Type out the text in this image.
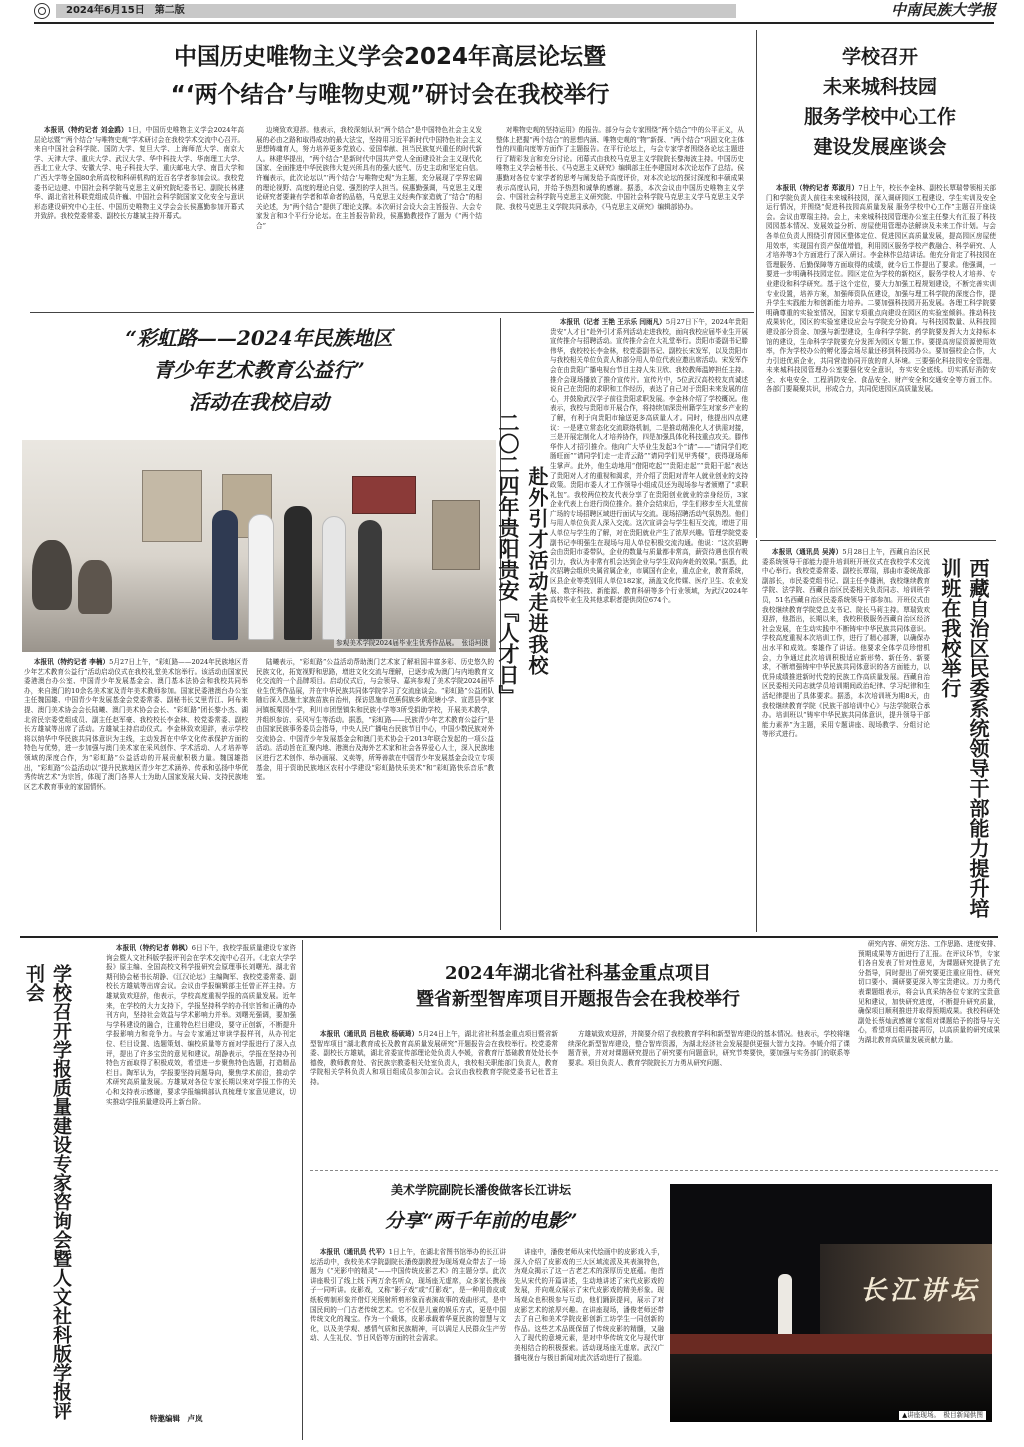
2024年6月15日　第二版	中南民族大学报
中国历史唯物主义学会2024年高层论坛暨
“‘两个结合’与唯物史观”研讨会在我校举行
本报讯（特约记者 刘金鸥）1日，中国历史唯物主义学会2024年高层论坛暨“‘两个结合’与唯物史观”学术研讨会在我校学术交流中心召开。来自中国社会科学院、国防大学、复旦大学、上海师范大学、南京大学、天津大学、重庆大学、武汉大学、华中科技大学、华南理工大学、西北工业大学、安徽大学、电子科技大学、重庆邮电大学、南昌大学和广西大学等全国80余所高校和科研机构的近百名学者参加会议。我校党委书记边建、中国社会科学院马克思主义研究院纪委书记、副院长林建华、湖北省社科联党组成员许巍、中国社会科学院国家文化安全与意识形态建设研究中心主任、中国历史唯物主义学会会长侯惠勤参加开幕式并致辞。我校党委常委、副校长方雄斌主持开幕式。
边境致欢迎辞。他表示，我校深刻认识“两个结合”是中国特色社会主义发展的必由之路和取得成功的最大法宝，坚持用习近平新时代中国特色社会主义思想铸魂育人，努力培养更多党放心、爱国奉献、担当民族复兴重任的时代新人。林建华提出，“两个结合”是新时代中国共产党人全面建设社会主义现代化国家、全面推进中华民族伟大复兴所具有的强大底气、历史主动和坚定自信。许巍表示，此次论坛以“‘两个结合’与唯物史观”为主题，充分展现了学界宏阔的理论视野、高度的理论自觉、强烈的学人担当。侯惠勤强调，马克思主义理论研究者要兼有学者和革命者的品格，马克思主义经典作家造就了“结合”的相关论述，为“两个结合”提供了理论支撑。本次研讨会设大会主旨报告、大会专家发言和3个平行分论坛。在主旨报告阶段，侯惠勤教授作了题为《“两个结合”
对唯物史观的坚持运用》的报告。部分与会专家围绕“两个结合”中的公平正义，从整体上把握“两个结合”的思想内涵、唯物史观的“物”新探、“两个结合”巩固文化主体性的四重向度等方面作了主题报告。在平行论坛上，与会专家学者围绕各论坛主题进行了精彩发言和充分讨论。闭幕式由我校马克思主义学院院长黎海波主持。中国历史唯物主义学会秘书长、《马克思主义研究》编辑部主任李建国对本次论坛作了总结。侯惠勤对各位专家学者的思考与阐发给予高度评价，对本次论坛的探讨深度和丰硕成果表示高度认同，并给予热烈和诚挚的感谢。据悉，本次会议由中国历史唯物主义学会、中国社会科学院马克思主义研究院、中国社会科学院马克思主义学马克思主义学院、我校马克思主义学院共同承办，《马克思主义研究》编辑部协办。
学校召开
未来城科技园
服务学校中心工作
建设发展座谈会
本报讯（特约记者 郑淑月）7日上午，校长李金林、副校长覃瑞带领相关部门和学院负责人前往未来城科技园，深入调研园区工程建设、学生实训及安全运行情况，并围绕“促进科技园高质量发展 服务学校中心工作”主题召开座谈会。会议由覃瑞主持。会上，未来城科技园管理办公室主任黎大有汇报了科技园园基本情况、发展效益分析、房屋使用管理办法解读及未来工作计划。与会各单位负责人围绕引育园区整体定位、促进园区高质量发展，提高园区房屋使用效率，实现国有资产保值增值，利用园区服务学校产教融合、科学研究、人才培养等3个方面进行了深入研讨。李金林作总结讲话。他充分肯定了科技园在管理服务、后勤保障等方面取得的成绩，就今后工作提出了要求。他强调，一要进一步明确科技园定位。园区定位为学校的新校区，服务学校人才培养、专业建设和科学研究。基于这个定位，要大力加强工程规划建设，不断完善实训专业设置，培养方案，加强师资队伍建设，加强与理工科学院的深度合作，提升学生实践能力和创新能力培养。二要加强科技园开拓发展。各理工科学院要明确尊重的实验室情况，国家专项重点向建设在园区的实验室倾斜。推动科技成果转化，园区的实验室建设应会与学院充分协商。与科技园数量、从科技园建设部分资金、加强与新型建设，生命科学学院、药学院要发挥大力支持标本馆的建设，生命科学学院要充分发挥为园区专题工作。要提高房屋资源使用效率，作为学校办公的孵化器会场尽量还移到科技园办公。要加强校企合作，大力引进优质企业，共同营造协同开放的育人环境。三要强化科技园安全管理。未来城科技园管理办公室要强化安全意识，夯实安全底线。切实抓好消防安全、水电安全、工程消防安全、食品安全、财产安全和交通安全等方面工作。各部门要凝聚共识，形成合力，共同促进园区高质量发展。
“彩虹路——2024年民族地区
青少年艺术教育公益行”
活动在我校启动
参观美术学院2024届毕业生优秀作品展。　张语珂摄
本报讯（特约记者 李楠）5月27日上午，“彩虹路——2024年民族地区青少年艺术教育公益行”活动启动仪式在我校礼堂美术馆举行。该活动由国家民委港澳台办公室、中国青少年发展基金会、澳门基本法协会和我校共同举办，来自澳门的10余名美术家及青年美术教师参加。国家民委港澳台办公室主任魏国雄、中国青少年发展基金会党委常委、副秘书长艾里青江、阿布来提、澳门美术协会会长陆曦、澳门美术协会会长、“彩虹路”团长黎小杰、湖北省民宗委党组成员、副主任赵军豪、我校校长李金林、校党委常委、副校长方雄斌等出席了活动。方雄斌主持启动仪式。李金林致欢迎辞，表示学校将以纳华中华民族共同体意识为主线，主动发挥在中华文化传承保护方面的特色与优势，进一步加强与澳门美术家在采风创作、学术活动、人才培养等领域的深度合作，为“彩虹路”公益活动的开展贡献积极力量。魏国雄指出，“彩虹路”公益活动以“提升民族地区青少年艺术涵养、传承和弘扬中华优秀传统艺术”为宗旨，体现了澳门各界人士为助人国家发展大局、支持民族地区艺术教育事业的家国情怀。
陆曦表示，“彩虹路”公益活动帮助澳门艺术家了解祖国丰富多彩、历史悠久的民族文化，拓宽视野和思路，增进文化交流与理解，已逐步成为澳门与内地教育文化交流的一个品牌项目。启动仪式后，与会领导、嘉宾参观了美术学院2024届毕业生优秀作品展，并在中华民族共同体学院学习了交流座谈会。“彩虹路”公益团队随后深入恩施土家族苗族自治州，探访恩施市芭蕉侗族乡黄泥塘小学、宣恩县李家河镇板栗园小学，利川市团堡镇朱和民族小学等3所受捐助学校，开展美术教学，并组织参访、采风写生等活动。据悉，“彩虹路——民族青少年艺术教育公益行”是由国家民族事务委员会指导，中央人民广播电台民族节目中心，中国少数民族对外交流协会、中国青少年发展基金会和澳门美术协会于2013年联合发起的一项公益活动。活动旨在汇聚内地、港澳台及海外艺术家和社会各界爱心人士，深入民族地区进行艺术创作、举办画展、义卖等，所筹善款在中国青少年发展基金会设立专项基金，用于资助民族地区农村小学建设“彩虹路快乐美术”和“彩虹路快乐音乐”教室。
赴外引才活动走进我校
二〇二四年贵阳贵安『人才日』
本报讯（记者 王艳 王示乐 闫雨凡）5月27日下午，2024年贵阳贵安“人才日”赴外引才系列活动走进我校，面向我校应届毕业生开展宣传推介与招聘活动。宣传推介会在大礼堂举行。贵阳市委副书记滕伟华，我校校长李金林，校党委副书记、副校长宋发军，以及贵阳市与我校相关单位负责人和部分用人单位代表应邀出席活动。宋发军作会在由贵阳广播电视台节目主持人朱卫欣、我校教师温婷担任主持。推介会现场播放了推介宣传片。宣传片中，5位武汉高校校友真诚述说自己在贵阳的求职和工作经历，表达了自己对于贵阳未来发展的信心，并鼓励武汉学子前往贵阳求职发展。李金林介绍了学校概况。他表示，我校与贵阳市开展合作，将持续加深贵州籍学生对家乡产业的了解，有利于向贵阳市输送更多高质量人才。同时，他提出四点建议：一是建立常态化交流联络机制，二是推动精准化人才供需对接，三是开展定制化人才培养协作，四是加强具体化科技重点攻关。滕伟华作人才招引推介。他向广大毕业生发起3个“请”——“请同学们吃肠旺面”“请同学们走一走青云路”“请同学们见甲秀楼”，获得现场师生掌声。此外，他生动地用“借阳吃起”“贵阳走起”“贵阳干起”表达了贵阳对人才的重视和渴求，并介绍了贵阳对青年人就业创业的支持政策。贵阳市委人才工作领导小组成员还为现场参与者颁赠了“求职礼包”。我校两位校友代表分享了在贵阳创业就业的亲身经历，3家企业代表上台进行岗位推介。推介会结束后，学生们移步至大礼堂前广场的专场招聘区域进行面试与交流。现场招聘活动气氛热烈。他们与用人单位负责人深入交流。这次宣讲会与学生相互交流，增进了用人单位与学生的了解，对在贵阳就业产生了浓厚兴趣。管理学院党委副书记李明强生在现场与用人单位积极交流沟通。他说：“这次招聘会由贵阳市委带队，企业的数量与质量都非常高，薪资待遇也很有吸引力，我认为非常有机会达到企业与学生双向奔赴的效果。”据悉，此次招聘会组织央属省属企业，市属国有企业，重点企业，教育系统，区县企业等类别用人单位182家，涵盖文化传媒、医疗卫生、农业发展、数字科技、新能源、教育科研等多个行业领域，为武汉2024年高校毕业生及其他求职者提供岗位674个。
本报讯（通讯员 吴涛）5月28日上午，西藏自治区民委系统领导干部能力提升培训班开班仪式在我校学术交流中心举行。我校党委常委、副校长覃瑞，那曲市委统战部副部长，市民委党组书记、副主任李雄洲，我校继续教育学院、法学院、西藏自治区民委相关负责同志、培训班学员，51名西藏自治区民委系统领导干部参加。开班仪式由我校继续教育学院党总支书记、院长马莉主持。覃瑞致欢迎辞，他指出，长期以来，我校积极服务西藏自治区经济社会发展，在生动实践中不断铸牢中华民族共同体意识。学校高度重视本次培训工作，进行了精心部署，以确保办出水平和成效。秦雄作了讲话。他要求全体学员珍惜机会，力争通过此次培训积极适应新形势、新任务、新要求，不断增强铸牢中华民族共同体意识的各方面能力，以优异成绩推进新时代党的民族工作高质量发展。西藏自治区民委相关同志就学员培训期间政治纪律、学习纪律和生活纪律提出了具体要求。据悉，本次培训班为期8天，由我校继续教育学院《民族干部培训中心》与法学院联合承办。培训班以“铸牢中华民族共同体意识，提升领导干部能力素养”为主题，采用专题讲座、现场教学、分组讨论等形式进行。	西藏自治区民委系统领导干部能力提升培训班在我校举行
学校召开学报质量建设专家咨询会暨人文社科版学报评刊会
本报讯（特约记者 韩枫）6日下午，我校学报质量建设专家咨询会暨人文社科版学报评刊会在学术交流中心召开。《北京大学学报》原主编、全国高校文科学报研究会原理事长刘曙光、湖北省期刊协会秘书长胡静、《江汉论坛》主编陶军、我校党委常委、副校长方雄斌等出席会议。会议由学报编辑部主任曾正祥主持。方雄斌致欢迎辞，他表示，学校高度重视学报的高质量发展。近年来，在学校的大力支持下，学报坚持科学的办刊宗旨和正确的办刊方向，坚持社会效益与学术影响力并举。刘曙光强调，要加强与学科建设的融合，注重特色栏目建设，要守正创新，不断提升学报影响力和竞争力。与会专家通过审读学报样刊，从办刊定位、栏目设置、选题策划、编校质量等方面对学报进行了深入点评，提出了许多宝贵的意见和建议。胡静表示，学报在坚持办刊特色方面取得了积极成效，希望进一步聚焦特色选题，打造精品栏目。陶军认为，学报要坚持问题导向，聚焦学术前沿，推动学术研究高质量发展。方雄斌对各位专家长期以来对学报工作的关心和支持表示感谢，要求学报编辑部认真梳理专家意见建议，切实推动学报质量建设再上新台阶。
特邀编辑　卢岚
2024年湖北省社科基金重点项目
暨省新型智库项目开题报告会在我校举行
本报讯（通讯员 吕桂欣 杨硕琦）5月24日上午，湖北省社科基金重点项目暨省新型智库项目“湖北教育成长及教育高质量发展研究”开题报告会在我校举行。校党委常委、副校长方雄斌，湖北省委宣传部理论处负责人李媛，省教育厅基础教育处处长李德俊，教师教育处、省民族宗教委相关处室负责人，我校相关职能部门负责人，教育学院相关学科负责人和项目组成员参加会议。会议由我校教育学院党委书记杜晋主持。
方雄斌致欢迎辞，并简要介绍了我校教育学科和新型智库建设的基本情况。他表示，学校将继续深化新型智库建设，整合智库资源，为湖北经济社会发展提供更强大智力支持。李媛介绍了课题背景，并对对课题研究提出了研究要有问题意识，研究节奏要快，要加强与实务部门的联系等要求。项目负责人、教育学院院长万力勇从研究问题、
研究内容、研究方法、工作思路、进度安排、预期成果等方面进行了汇报。在评议环节，专家们各自发表了针对性意见，为课题研究提供了充分指导，同时提出了研究要更注重应用性、研究切口要小、调研要更深入等宝贵建议。万力勇代表课题组表示，将会认真采纳各位专家的宝贵意见和建议，加快研究进度，不断提升研究质量，确保项目顺利推进并取得预期成果。我校科研处副处长蔡灿武感谢专家组对课题给予的指导与关心，希望项目组再接再厉，以高质量的研究成果为湖北教育高质量发展贡献力量。
美术学院副院长潘俊做客长江讲坛
分享“两千年前的电影”
本报讯（通讯员 代平）1日上午，在湖北省图书馆举办的长江讲坛活动中，我校美术学院副院长潘俊副教授为现场观众带去了一场题为《“光影中的精灵”——中国传统皮影艺术》的主题分享。此次讲座吸引了线上线下两万余名听众，现场座无虚席，众多家长携孩子一同听讲。皮影戏，又称“影子戏”或“灯影戏”，是一种用兽皮或纸板剪制形象并借灯光照射所剪形象而表演故事的戏曲形式，是中国民间的一门古老传统艺术。它不仅是儿童的娱乐方式，更是中国传统文化的瑰宝。作为一个载体，皮影承载着华夏民族的智慧与文化，以及美学观、感情气质和民族精神，可以满足人民群众生产劳动、人生礼仪、节日风俗等方面的社会需求。
讲座中，潘俊老师从宋代绘画中的皮影戏入手，深入介绍了皮影戏的三大区域流派及其表演特色，为观众揭示了这一古老艺术的深厚历史底蕴。他首先从宋代的开篇讲述，生动地讲述了宋代皮影戏的发展，并向观众展示了宋代皮影戏的精美形象。现场观众也积极参与互动，他们踊跃提问，展示了对皮影艺术的浓厚兴趣。在讲座现场，潘俊老师还带去了自己和美术学院皮影创新工坊学生一同创新的作品。这些艺术品既保留了传统皮影的精髓，又融入了现代的意境元素，是对中华传统文化与现代审美相结合的积极探索。活动现场座无虚席。武汉广播电视台与极目新闻对此次活动进行了报道。
长江讲坛
▲讲座现场。　极目新闻供图
